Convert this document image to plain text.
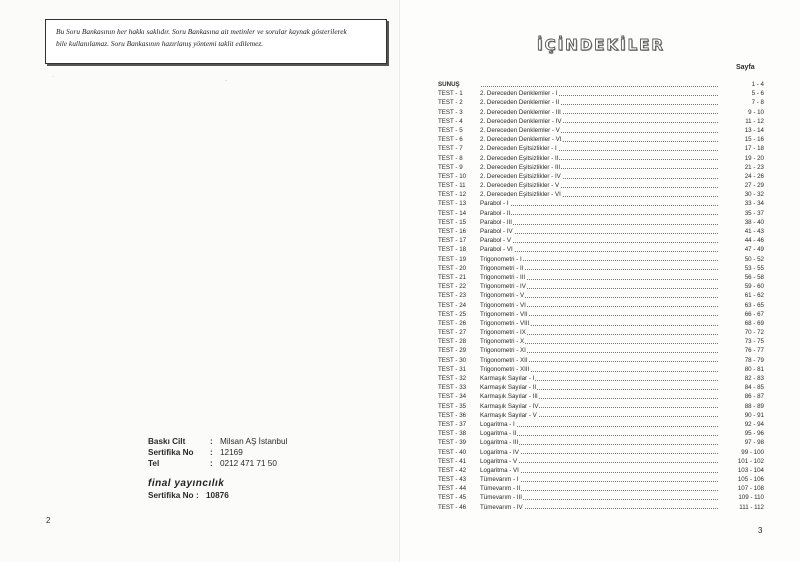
Bu Soru Bankasının her hakkı saklıdır. Soru Bankasına ait metinler ve sorular kaynak gösterilerek
bile kullanılamaz. Soru Bankasının hazırlanış yöntemi taklit edilemez.
·
·
Baskı Cilt	: Milsan AŞ İstanbul
Sertifika No	: 12169
Tel	: 0212 471 71 50
final yayıncılık
Sertifika No : 10876
2
3
İÇİNDEKİLER
Sayfa
SUNUŞ	1 - 4
TEST - 1	2. Dereceden Denklemler - I	5 - 6
TEST - 2	2. Dereceden Denklemler - II	7 - 8
TEST - 3	2. Dereceden Denklemler - III	9 - 10
TEST - 4	2. Dereceden Denklemler - IV	11 - 12
TEST - 5	2. Dereceden Denklemler - V	13 - 14
TEST - 6	2. Dereceden Denklemler - VI	15 - 16
TEST - 7	2. Dereceden Eşitsizlikler - I	17 - 18
TEST - 8	2. Dereceden Eşitsizlikler - II	19 - 20
TEST - 9	2. Dereceden Eşitsizlikler - III	21 - 23
TEST - 10	2. Dereceden Eşitsizlikler - IV	24 - 26
TEST - 11	2. Dereceden Eşitsizlikler - V	27 - 29
TEST - 12	2. Dereceden Eşitsizlikler - VI	30 - 32
TEST - 13	Parabol - I	33 - 34
TEST - 14	Parabol - II	35 - 37
TEST - 15	Parabol - III	38 - 40
TEST - 16	Parabol - IV	41 - 43
TEST - 17	Parabol - V	44 - 46
TEST - 18	Parabol - VI	47 - 49
TEST - 19	Trigonometri - I	50 - 52
TEST - 20	Trigonometri - II	53 - 55
TEST - 21	Trigonometri - III	56 - 58
TEST - 22	Trigonometri - IV	59 - 60
TEST - 23	Trigonometri - V	61 - 62
TEST - 24	Trigonometri - VI	63 - 65
TEST - 25	Trigonometri - VII	66 - 67
TEST - 26	Trigonometri - VIII	68 - 69
TEST - 27	Trigonometri - IX	70 - 72
TEST - 28	Trigonometri - X	73 - 75
TEST - 29	Trigonometri - XI	76 - 77
TEST - 30	Trigonometri - XII	78 - 79
TEST - 31	Trigonometri - XIII	80 - 81
TEST - 32	Karmaşık Sayılar - I	82 - 83
TEST - 33	Karmaşık Sayılar - II	84 - 85
TEST - 34	Karmaşık Sayılar - III	86 - 87
TEST - 35	Karmaşık Sayılar - IV	88 - 89
TEST - 36	Karmaşık Sayılar - V	90 - 91
TEST - 37	Logaritma - I	92 - 94
TEST - 38	Logaritma - II	95 - 96
TEST - 39	Logaritma - III	97 - 98
TEST - 40	Logaritma - IV	99 - 100
TEST - 41	Logaritma - V	101 - 102
TEST - 42	Logaritma - VI	103 - 104
TEST - 43	Tümevarım - I	105 - 106
TEST - 44	Tümevarım - II	107 - 108
TEST - 45	Tümevarım - III	109 - 110
TEST - 46	Tümevarım - IV	111 - 112
